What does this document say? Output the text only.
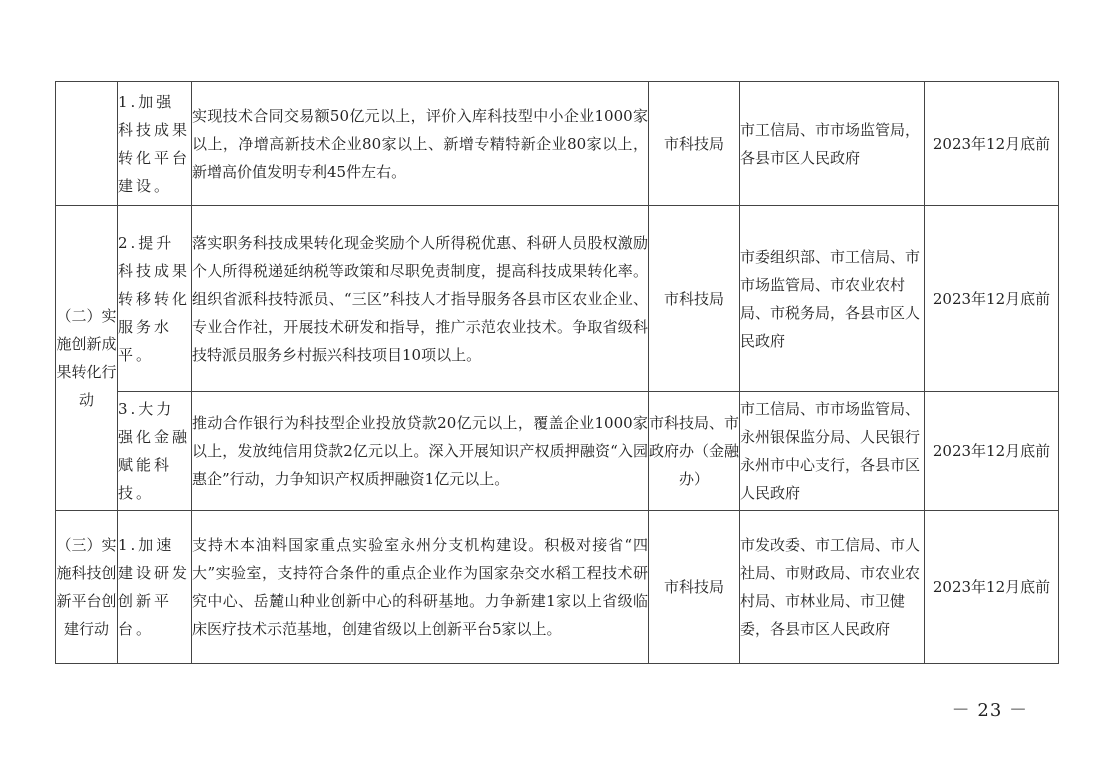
	1.加强科技成果转化平台建设。	实现技术合同交易额50亿元以上，评价入库科技型中小企业1000家以上，净增高新技术企业80家以上、新增专精特新企业80家以上，新增高价值发明专利45件左右。	市科技局	市工信局、市市场监管局，各县市区人民政府	2023年12月底前
（二）实施创新成果转化行动	2.提升科技成果转移转化服务水平。	落实职务科技成果转化现金奖励个人所得税优惠、科研人员股权激励个人所得税递延纳税等政策和尽职免责制度，提高科技成果转化率。组织省派科技特派员、“三区”科技人才指导服务各县市区农业企业、专业合作社，开展技术研发和指导，推广示范农业技术。争取省级科技特派员服务乡村振兴科技项目10项以上。	市科技局	市委组织部、市工信局、市市场监管局、市农业农村局、市税务局，各县市区人民政府	2023年12月底前
	3.大力强化金融赋能科技。	推动合作银行为科技型企业投放贷款20亿元以上，覆盖企业1000家以上，发放纯信用贷款2亿元以上。深入开展知识产权质押融资“入园惠企”行动，力争知识产权质押融资1亿元以上。	市科技局、市政府办（金融办）	市工信局、市市场监管局、永州银保监分局、人民银行永州市中心支行，各县市区人民政府	2023年12月底前
（三）实施科技创新平台创建行动	1.加速建设研发创新平台。	支持木本油料国家重点实验室永州分支机构建设。积极对接省“四大”实验室，支持符合条件的重点企业作为国家杂交水稻工程技术研究中心、岳麓山种业创新中心的科研基地。力争新建1家以上省级临床医疗技术示范基地，创建省级以上创新平台5家以上。	市科技局	市发改委、市工信局、市人社局、市财政局、市农业农村局、市林业局、市卫健委，各县市区人民政府	2023年12月底前
－ 23 －
